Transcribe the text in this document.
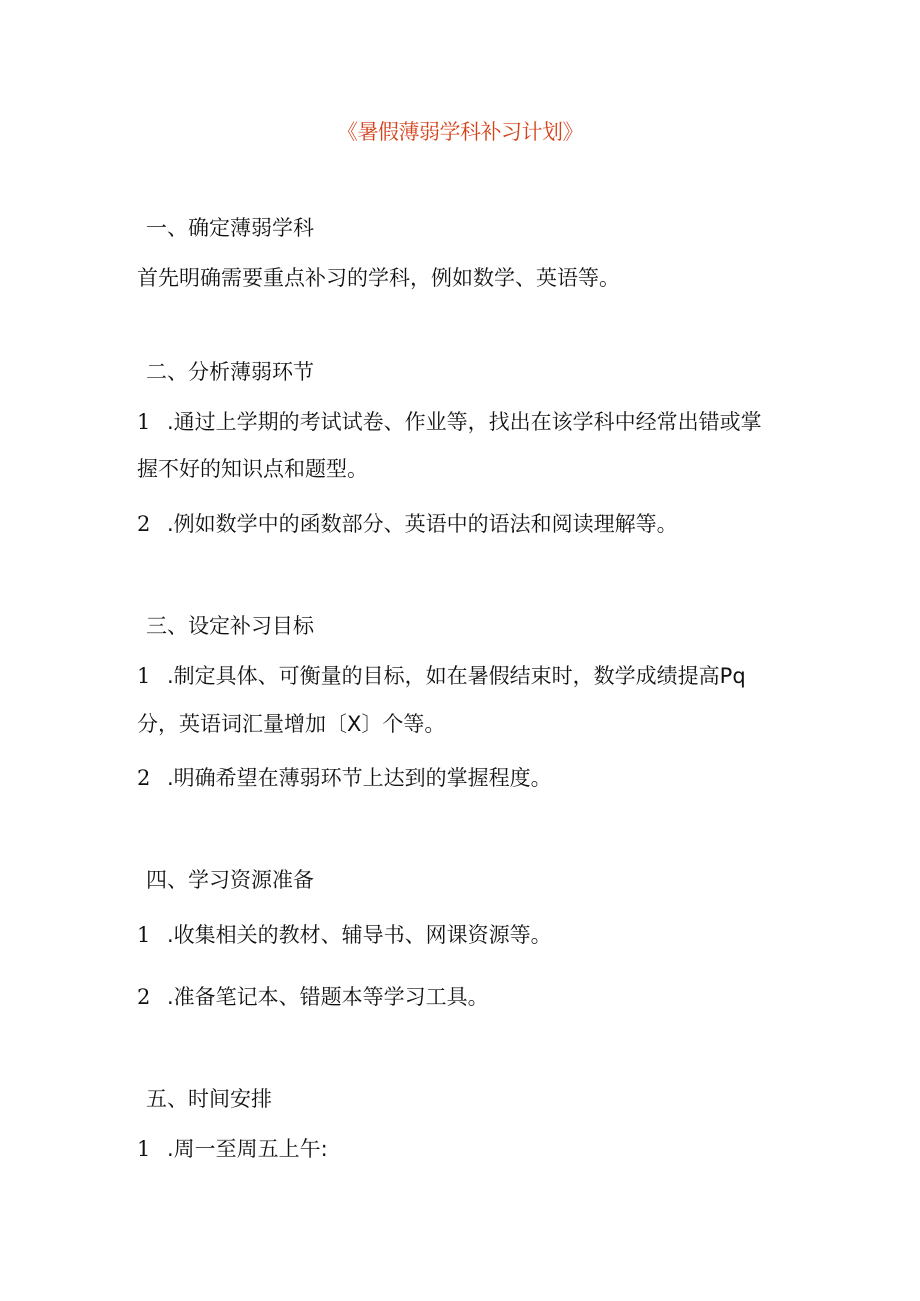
《暑假薄弱学科补习计划》
一、确定薄弱学科
首先明确需要重点补习的学科，例如数学、英语等。
二、分析薄弱环节
1 .通过上学期的考试试卷、作业等，找出在该学科中经常出错或掌
握不好的知识点和题型。
2 .例如数学中的函数部分、英语中的语法和阅读理解等。
三、设定补习目标
1 .制定具体、可衡量的目标，如在暑假结束时，数学成绩提高Pq
分，英语词汇量增加〔X〕个等。
2 .明确希望在薄弱环节上达到的掌握程度。
四、学习资源准备
1 .收集相关的教材、辅导书、网课资源等。
2 .准备笔记本、错题本等学习工具。
五、时间安排
1 .周一至周五上午:
